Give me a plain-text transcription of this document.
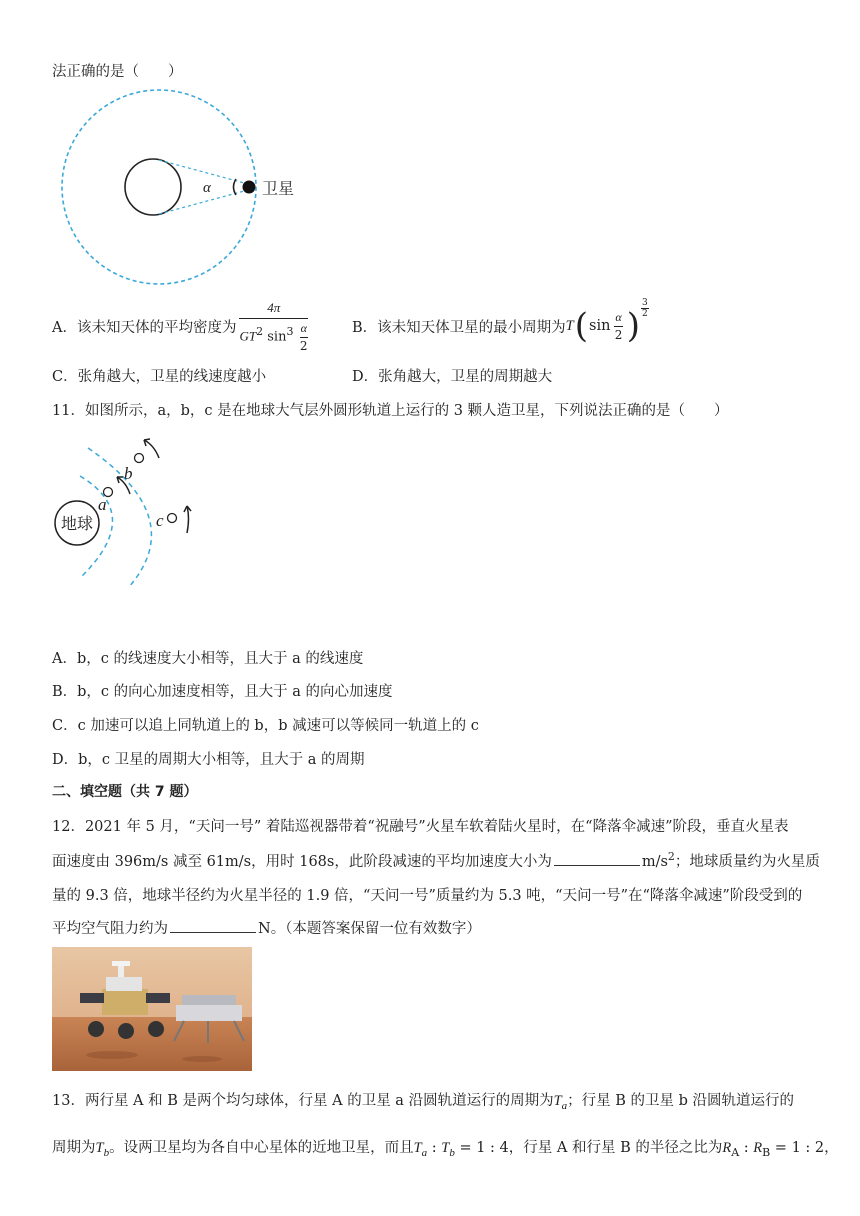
法正确的是（　　）
α	卫星
A．该未知天体的平均密度为 $\frac{4\pi}{GT^2 \sin^3 \frac{\alpha}{2}}$	B．该未知天体卫星的最小周期为 T ( $\sin \frac{\alpha}{2}$ ) $\frac{3}{2}$
C．张角越大，卫星的线速度越小	D．张角越大，卫星的周期越大
11．如图所示，a，b，c 是在地球大气层外圆形轨道上运行的 3 颗人造卫星，下列说法正确的是（　　）
地球
a
b
c
A．b，c 的线速度大小相等，且大于 a 的线速度
B．b，c 的向心加速度相等，且大于 a 的向心加速度
C．c 加速可以追上同轨道上的 b，b 减速可以等候同一轨道上的 c
D．b，c 卫星的周期大小相等，且大于 a 的周期
二、填空题（共 7 题）
12．2021 年 5 月，“天问一号” 着陆巡视器带着“祝融号”火星车软着陆火星时，在“降落伞减速”阶段，垂直火星表
面速度由 396m/s 减至 61m/s，用时 168s，此阶段减速的平均加速度大小为	$m/s^2$；地球质量约为火星质
量的 9.3 倍，地球半径约为火星半径的 1.9 倍，“天问一号”质量约为 5.3 吨，“天问一号”在“降落伞减速”阶段受到的
平均空气阻力约为	N。（本题答案保留一位有效数字）
13．两行星 A 和 B 是两个均匀球体，行星 A 的卫星 a 沿圆轨道运行的周期为$T_a$；行星 B 的卫星 b 沿圆轨道运行的
周期为$T_b$。设两卫星均为各自中心星体的近地卫星，而且$T_a$ : $T_b = 1$ : 4，行星 A 和行星 B 的半径之比为$R_A$ : $R_B = 1$ : 2，
